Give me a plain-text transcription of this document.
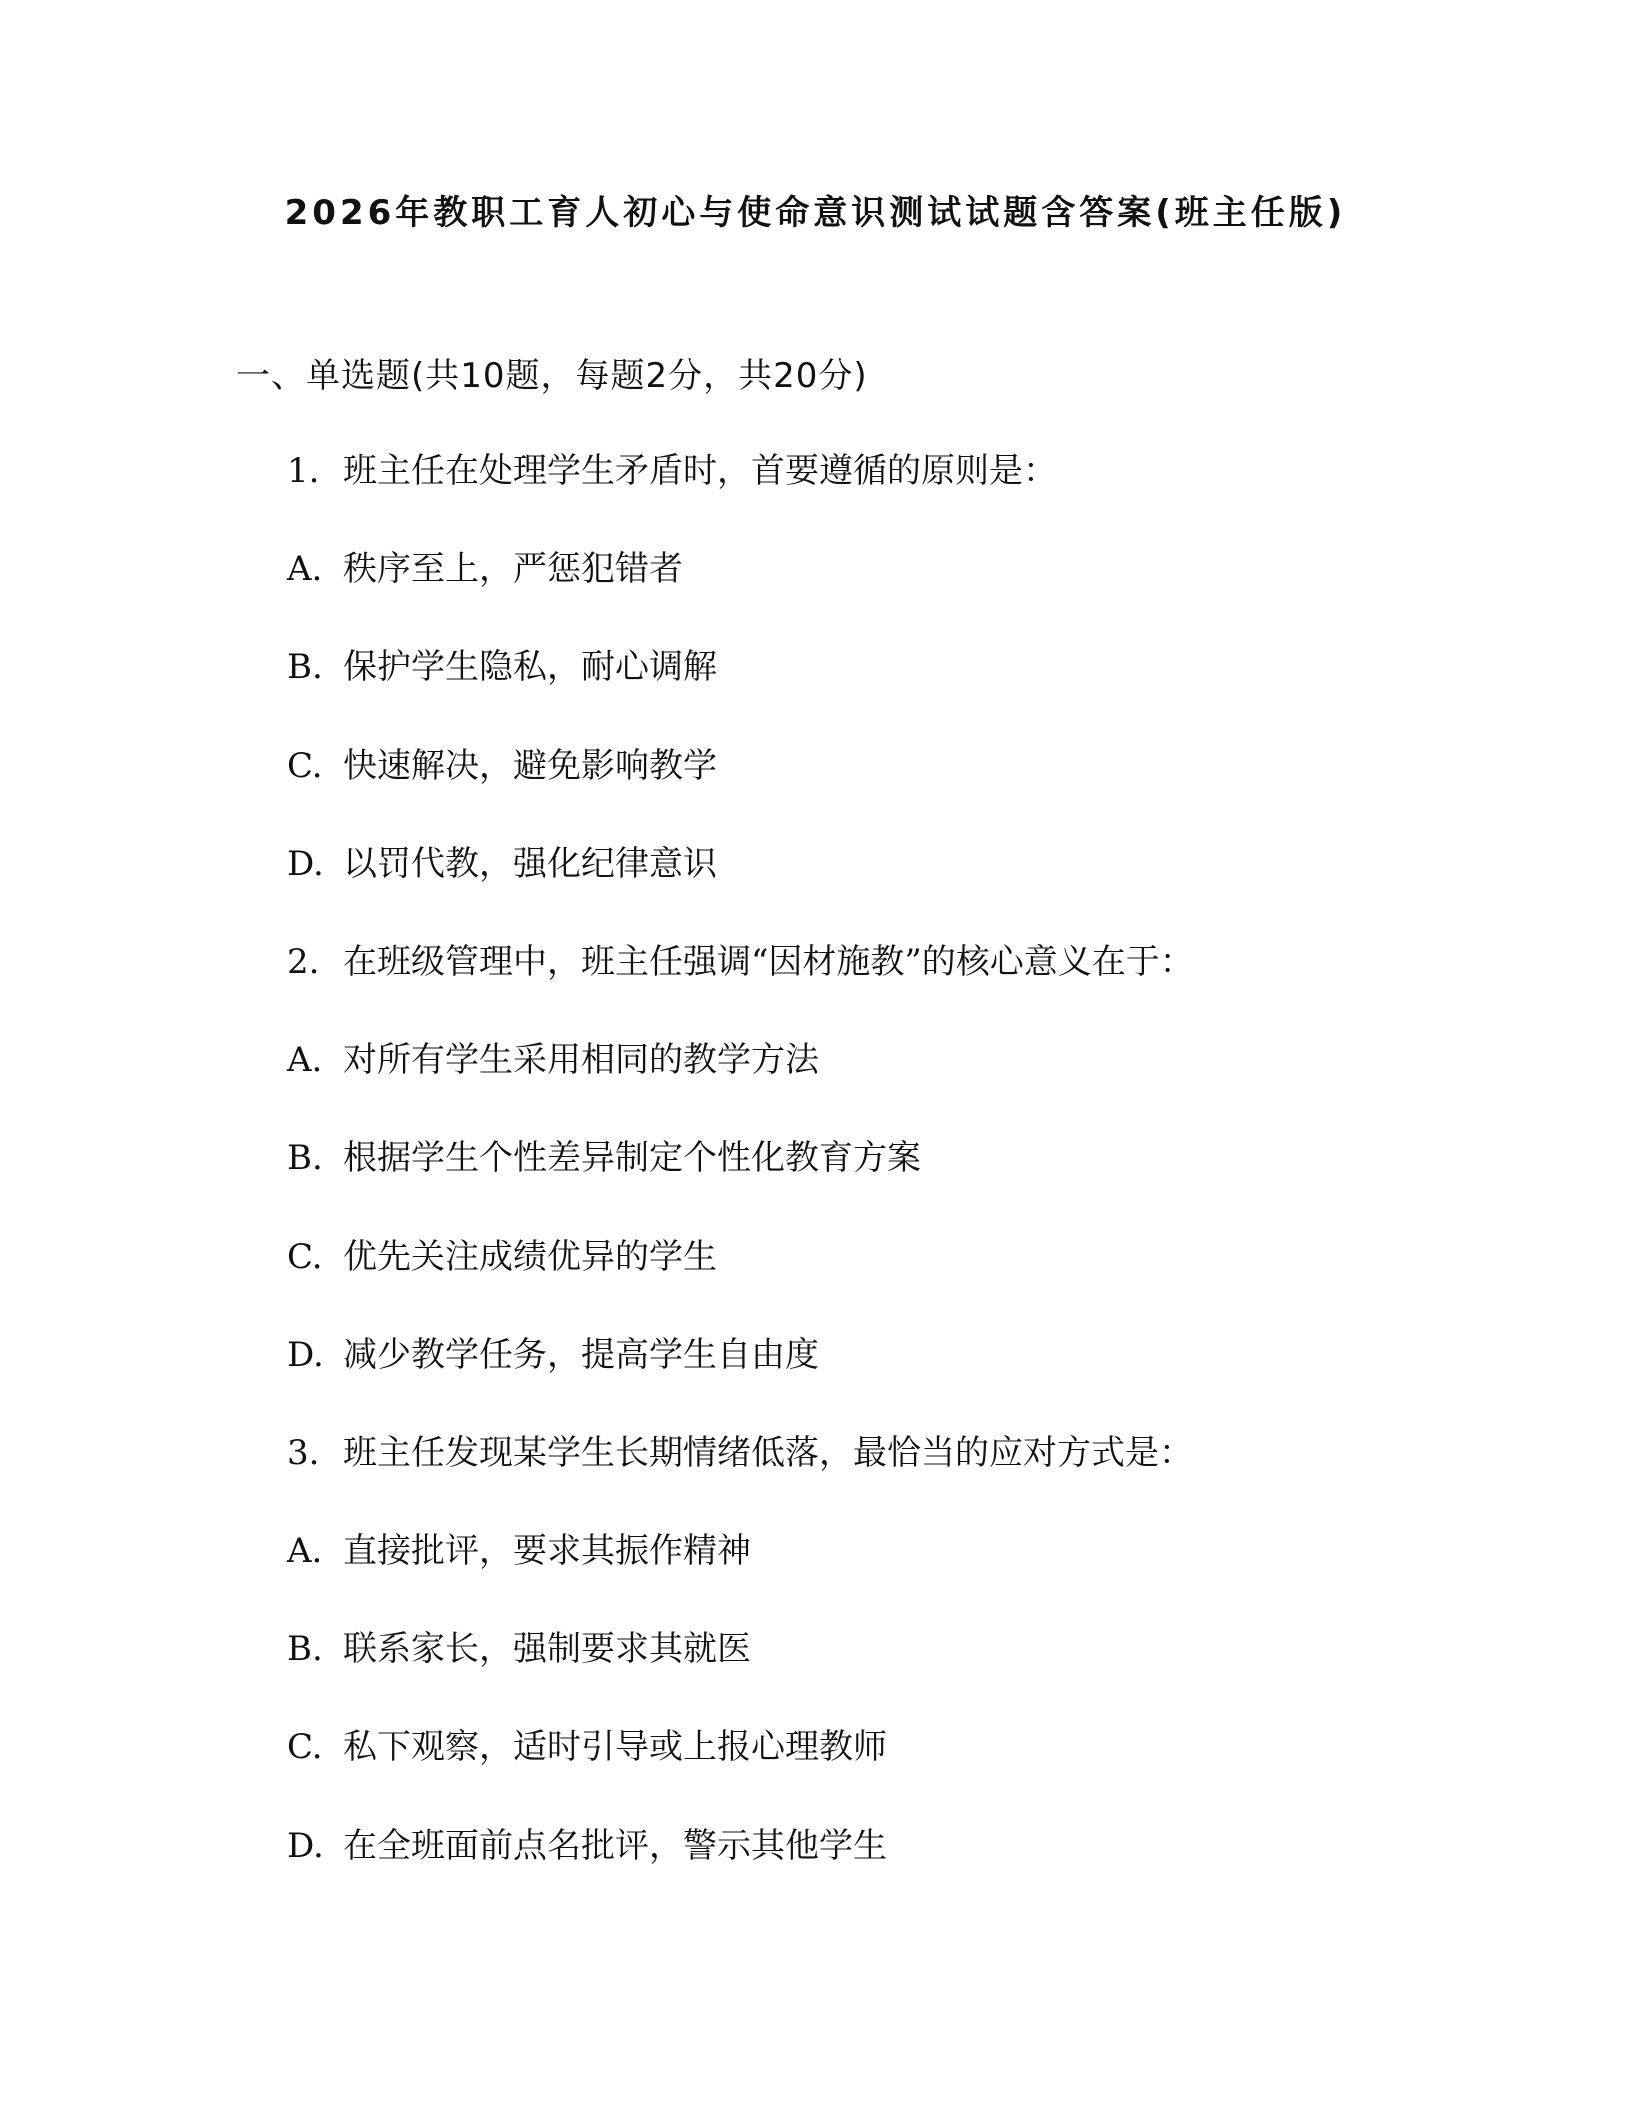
2026年教职工育人初心与使命意识测试试题含答案(班主任版)
一、单选题(共10题，每题2分，共20分)
1. 班主任在处理学生矛盾时，首要遵循的原则是：
A. 秩序至上，严惩犯错者
B. 保护学生隐私，耐心调解
C. 快速解决，避免影响教学
D. 以罚代教，强化纪律意识
2. 在班级管理中，班主任强调“因材施教”的核心意义在于：
A. 对所有学生采用相同的教学方法
B. 根据学生个性差异制定个性化教育方案
C. 优先关注成绩优异的学生
D. 减少教学任务，提高学生自由度
3. 班主任发现某学生长期情绪低落，最恰当的应对方式是：
A. 直接批评，要求其振作精神
B. 联系家长，强制要求其就医
C. 私下观察，适时引导或上报心理教师
D. 在全班面前点名批评，警示其他学生
